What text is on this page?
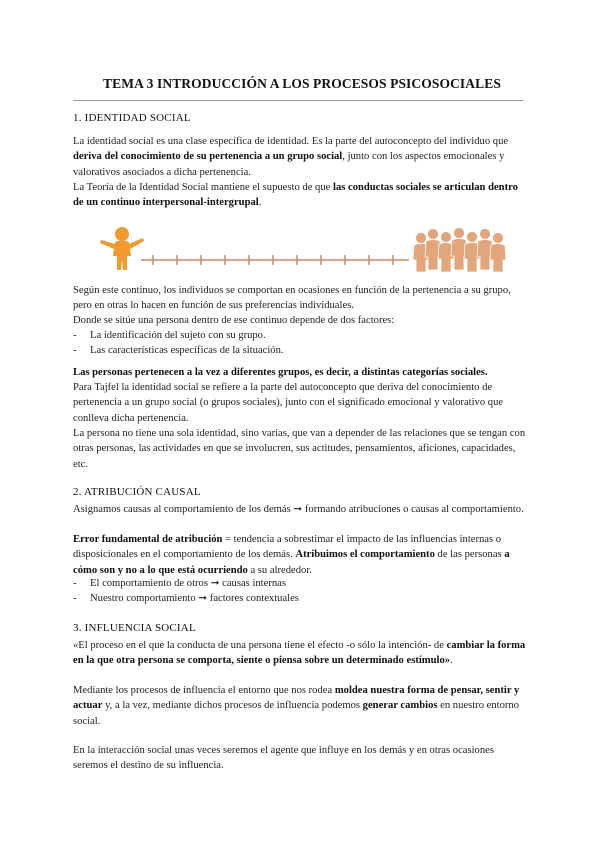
TEMA 3 INTRODUCCIÓN A LOS PROCESOS PSICOSOCIALES
1. IDENTIDAD SOCIAL

La identidad social es una clase específica de identidad. Es la parte del autoconcepto del individuo que deriva del conocimiento de su pertenencia a un grupo social, junto con los aspectos emocionales y valorativos asociados a dicha pertenencia.

La Teoría de la Identidad Social mantiene el supuesto de que las conductas sociales se articulan dentro de un continuo interpersonal-intergrupal.

Según este continuo, los individuos se comportan en ocasiones en función de la pertenencia a su grupo, pero en otras lo hacen en función de sus preferencias individuales.

Donde se sitúe una persona dentro de ese continuo depende de dos factores:

- La identificación del sujeto con su grupo.
- Las características específicas de la situación.

Las personas pertenecen a la vez a diferentes grupos, es decir, a distintas categorías sociales.

Para Tajfel la identidad social se refiere a la parte del autoconcepto que deriva del conocimiento de pertenencia a un grupo social (o grupos sociales), junto con el significado emocional y valorativo que conlleva dicha pertenencia.

La persona no tiene una sola identidad, sino varias, que van a depender de las relaciones que se tengan con otras personas, las actividades en que se involucren, sus actitudes, pensamientos, aficiones, capacidades, etc.

2. ATRIBUCIÓN CAUSAL

Asignamos causas al comportamiento de los demás ➞ formando atribuciones o causas al comportamiento.

Error fundamental de atribución = tendencia a sobrestimar el impacto de las influencias internas o disposicionales en el comportamiento de los demás. Atribuimos el comportamiento de las personas a cómo son y no a lo que está ocurriendo a su alrededor.

- El comportamiento de otros ➞ causas internas
- Nuestro comportamiento ➞ factores contextuales
3. INFLUENCIA SOCIAL

«El proceso en el que la conducta de una persona tiene el efecto -o sólo la intención- de cambiar la forma en la que otra persona se comporta, siente o piensa sobre un determinado estímulo».

Mediante los procesos de influencia el entorno que nos rodea moldea nuestra forma de pensar, sentir y actuar y, a la vez, mediante dichos procesos de influencia podemos generar cambios en nuestro entorno social.

En la interacción social unas veces seremos el agente que influye en los demás y en otras ocasiones seremos el destino de su influencia.
